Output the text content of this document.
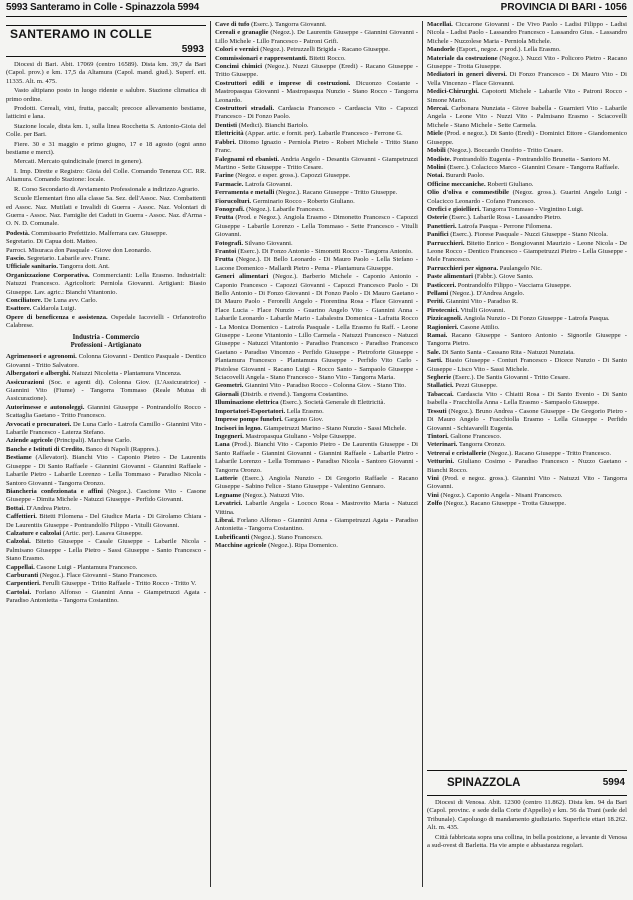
5993 Santeramo in Colle - Spinazzola 5994	PROVINCIA DI BARI - 1056
SANTERAMO IN COLLE
5993

Diocesi di Bari. Abit. 17069 (centro 16589). Dista km. 39,7 da Bari (Capol. prov.) e km. 17,5 da Altamura (Capol. mand. giud.). Superf. ett. 11335. Alt. m. 475.

Vasto altipiano posto in luogo ridente e salubre. Stazione climatica di primo ordine.

Prodotti. Cereali, vini, frutta, paccali; precoce allevamento bestiame, latticini e lana.

Stazione locale, dista km. 1, sulla linea Rocchetta S. Antonio-Gioia del Colle. per Bari.

Fiere. 30 e 31 maggio e primo giugno, 17 e 18 agosto (ogni anno bestiame e merci).

Mercati. Mercato quindicinale (merci in genere).

I. Imp. Dirette e Registro: Gioia del Colle. Comando Tenenza CC. RR. Altamura. Comando Stazione: locale.

R. Corso Secondario di Avviamento Professionale a indirizzo Agrario.

Scuole Elementari fino alla classe 5a. Sez. dell'Assoc. Naz. Combattenti ed Assoc. Naz. Mutilati e Invalidi di Guerra - Assoc. Naz. Volontari di Guerra - Assoc. Naz. Famiglie dei Caduti in Guerra - Assoc. Naz. d'Arma - O. N. D. Comunale.

Podestà. Commissario Prefettizio. Malferrara cav. Giuseppe.

Segretario. Di Capua dott. Matteo.

Parroci. Misuraca don Pasquale - Giove don Leonardo.

Fascio. Segretario. Labarile avv. Franc.

Ufficiale sanitario. Tangorra dott. Ant.

Organizzazione Corporativa. Commercianti: Lella Erasmo. Industriali: Natuzzi Francesco. Agricoltori: Perniola Giovanni. Artigiani: Biasio Giuseppe. Lav. agric.: Bianchi Vitantonio.

Conciliatore. De Luna avv. Carlo.

Esattore. Caldarola Luigi.

Opere di beneficenza e assistenza. Ospedale Iacovielli - Orfanotrofio Calabrese.

Industria - Commercio
Professioni - Artigianato

Agrimensori e agronomi. Colonna Giovanni - Dentico Pasquale - Dentico Giovanni - Tritto Salvatore.

Albergatori e alberghi. Natuzzi Nicoletta - Plantamura Vincenza.

Assicurazioni (Soc. e agenti di). Colonna Giov. (L'Assicuratrice) - Giannini Vito (Fiume) - Tangorra Tommaso (Reale Mutua di Assicurazione).

Autorimesse e autonoleggi. Giannini Giuseppe - Pontrandolfo Rocco - Scattaglia Gaetano - Tritto Francesco.

Avvocati e procuratori. De Luna Carlo - Latrofa Camillo - Giannini Vito - Labarile Francesco - Laterza Stefano.

Aziende agricole (Principali). Marchese Carlo.

Banche e Istituti di Credito. Banco di Napoli (Rappres.).

Bestiame (Allevatori). Bianchi Vito - Caponio Pietro - De Laurentis Giuseppe - Di Santo Raffaele - Giannini Giovanni - Giannini Raffaele - Labarile Pietro - Labarile Lorenzo - Lella Tommaso - Paradiso Nicola - Santoro Giovanni - Tangorra Oronzo.

Biancheria confezionata e affini (Negoz.). Cascione Vito - Casone Giuseppe - Dimita Michele - Natuzzi Giuseppe - Perfido Giovanni.

Bottai. D'Andrea Pietro.

Caffettieri. Bitetti Filomena - Del Giudice Maria - Di Girolamo Chiara - De Laurentiis Giuseppe - Pontrandolfo Filippo - Vitulli Giovanni.

Calzature e calzolai (Artic. per). Lasava Giuseppe.

Calzolai. Bitetto Giuseppe - Casale Giuseppe - Labarile Nicola - Palmisano Giuseppe - Lella Pietro - Sassi Giuseppe - Santo Francesco - Stano Erasmo.

Cappellai. Casone Luigi - Plantamura Francesco.

Carburanti (Negoz.). Flace Giovanni - Stano Francesco.

Carpentieri. Ferulli Giuseppe - Tritto Raffaele - Tritto Rocco - Tritto V.

Cartolai. Forlano Alfonso - Giannini Anna - Giampetruzzi Agata - Paradiso Antonietta - Tangorra Costantino.

Cave di tufo (Eserc.). Tangorra Giovanni.

Cereali e granaglie (Negoz.). De Laurentis Giuseppe - Giannini Giovanni - Lillo Michele - Lillo Francesco - Patroni Grifi.

Colori e vernici (Negoz.). Petruzzelli Brigida - Racano Giuseppe.

Commissionari e rappresentanti. Bitetti Rocco.

Concimi chimici (Negoz.). Nuzzi Giuseppe (Eredi) - Racano Giuseppe - Tritto Giuseppe.

Costruttori edili e imprese di costruzioni. Dicuonzo Costante - Mastropasqua Giovanni - Mastropasqua Nunzio - Stano Rocco - Tangorra Leonardo.

Costruttori stradali. Cardascia Francesco - Cardascia Vito - Capozzi Francesco - Di Fonzo Paolo.

Dentisti (Medici). Bianchi Bartolo.

Elettricità (Appar. artic. e fornit. per). Labarile Francesco - Ferrone G.

Fabbri. Ditomo Ignazio - Perniola Pietro - Robert Michele - Tritto Stano Franc.

Falegnami ed ebanisti. Andria Angelo - Desantis Giovanni - Giampetruzzi Martino - Sette Giuseppe - Tritto Cesare.

Farine (Negoz. e esper. gross.). Capozzi Giuseppe.

Farmacie. Latrofa Giovanni.

Ferramenta e metalli (Negoz.). Racano Giuseppe - Tritto Giuseppe.

Fiorucolturi. Germinario Rocco - Roberto Giuliano.

Fonografi. (Negoz.). Labarile Francesco.

Frutta (Prod. e Negoz.). Angiola Erasmo - Dimonetto Francesco - Capozzi Giuseppe - Labarile Lorenzo - Lella Tommaso - Sette Francesco - Vitulli Giovanni.

Fotografi. Silvano Giovanni.

Frantoi (Eserc.). Di Fonzo Antonio - Simonetti Rocco - Tangorra Antonio.

Frutta (Negoz.). Di Bello Leonardo - Di Mauro Paolo - Lella Stefano - Lacone Domenico - Mallardi Pietro - Pema - Plantamura Giuseppe.

Generi alimentari (Negoz.). Barberio Michele - Caponio Antonio - Caponio Francesco - Capozzi Giovanni - Capozzi Francesco Paolo - Di Bello Antonio - Di Fonzo Giovanni - Di Fonzo Paolo - Di Mauro Gaetano - Di Mauro Paolo - Ferorelli Angelo - Fiorentina Rosa - Flace Giovanni - Flace Lucia - Flace Nunzio - Guarino Angelo Vito - Giannini Anna - Labarile Leonardo - Labarile Mario - Labalestra Domenica - Lafratta Rocco - La Monica Domenico - Latrofa Pasquale - Lella Erasmo fu Raff. - Leone Giuseppe - Leone Vitantonio - Lillo Carmela - Natuzzi Francesco - Natuzzi Giuseppe - Natuzzi Vitantonio - Paradiso Francesco - Paradiso Francesco Gaetano - Paradiso Vincenzo - Perfido Giuseppe - Pietroforte Giuseppe - Plantamura Francesco - Plantamura Giuseppe - Perfido Vito Carlo - Pistolese Giovanni - Racano Luigi - Rocco Santo - Sampaolo Giuseppe - Sciacovelli Angela - Stano Francesco - Stano Vito - Tangorra Maria.

Geometri. Giannini Vito - Paradiso Rocco - Colonna Giov. - Stano Tito.

Giornali (Distrib. e rivend.). Tangorra Costantino.

Illuminazione elettrica (Eserc.). Società Generale di Elettricità.

Importatori-Esportatori. Lella Erasmo.

Imprese pompe funebri. Gargano Giov.

Incisori in legno. Giampetruzzi Marino - Stano Nunzio - Sassi Michele.

Ingegneri. Mastropasqua Giuliano - Volpe Giuseppe.

Lana (Prod.). Bianchi Vito - Caponio Pietro - De Laurentis Giuseppe - Di Santo Raffaele - Giannini Giovanni - Giannini Raffaele - Labarile Pietro - Labarile Lorenzo - Lella Tommaso - Paradiso Nicola - Santoro Giovanni - Tangorra Oronzo.

Latterie (Eserc.). Angiola Nunzio - Di Gregorio Raffaele - Racano Giuseppe - Sabino Felice - Stano Giuseppe - Valentino Gennaro.

Legname (Negoz.). Natuzzi Vito.

Levatrici. Labarile Angela - Lococo Rosa - Mastrovito Maria - Natuzzi Vittina.

Librai. Forlano Alfonso - Giannini Anna - Giampetruzzi Agata - Paradiso Antonietta - Tangorra Costantino.

Lubrificanti (Negoz.). Stano Francesco.

Macchine agricole (Negoz.). Ripa Domenico.

Macellai. Ciccarone Giovanni - De Vivo Paolo - Ladisi Filippo - Ladisi Nicola - Ladisi Paolo - Lassandro Francesco - Lassandro Gius. - Lassandro Michele - Nuzzolese Maria - Perniola Michele.

Mandorle (Esport., negoz. e prod.). Lella Erasmo.

Materiale da costruzione (Negoz.). Nuzzi Vito - Policoro Pietro - Racano Giuseppe - Trotta Giuseppe.

Mediatori in generi diversi. Di Fonzo Francesco - Di Mauro Vito - Di Vella Vincenzo - Flace Giovanni.

Medici-Chirurghi. Capotorti Michele - Labarile Vito - Patroni Rocco - Simone Mario.

Mercai. Carbonara Nunziata - Giove Isabella - Guarnieri Vito - Labarile Angela - Leone Vito - Nuzzi Vito - Palmisano Erasmo - Sciacovelli Michele - Stano Michele - Sette Carmela.

Miele (Prod. e negoz.). Di Santo (Eredi) - Dominici Ettore - Giandomenico Giuseppe.

Mobili (Negoz.). Boccardo Onofrio - Tritto Cesare.

Modiste. Pontrandolfo Eugenia - Pontrandolfo Brunetta - Santoro M.

Molini (Eserc.). Colacicco Marco - Giannini Cesare - Tangorra Raffaele.

Notai. Burardi Paolo.

Officine meccaniche. Roberti Giuliano.

Olio d'oliva e commestibile (Negoz. gross.). Guarini Angelo Luigi - Colacicco Leonardo - Cofano Francesco.

Orefici e gioiellieri. Tangorra Tommaso - Virgintino Luigi.

Osterie (Eserc.). Labarile Rosa - Lassandro Pietro.

Panettieri. Latrofa Pasqua - Perrone Filomena.

Panifici (Eserc.). Fiorese Pasquale - Nuzzi Giuseppe - Stano Nicola.

Parrucchieri. Bitetto Enrico - Bongiovanni Maurizio - Leone Nicola - De Leone Rocco - Dentico Francesco - Giampetruzzi Pietro - Lella Giuseppe - Mele Francesco.

Parrucchieri per signora. Paulangelo Nic.

Paste alimentari (Fabbr.). Giove Santo.

Pasticceri. Pontrandolfo Filippo - Vacciarra Giuseppe.

Pellami (Negoz.). D'Andrea Angelo.

Periti. Giannini Vito - Paradiso R.

Pirotecnici. Vitulli Giovanni.

Pizzicagnoli. Angiola Nunzio - Di Fonzo Giuseppe - Latrofa Pasqua.

Ragionieri. Casone Attilio.

Ramai. Racano Giuseppe - Santoro Antonio - Signorile Giuseppe - Tangorra Pietro.

Sale. Di Santo Santa - Cassano Rita - Natuzzi Nunziata.

Sarti. Biasio Giuseppe - Conturi Francesco - Dicece Nunzio - Di Santo Giuseppe - Lisco Vito - Sassi Michele.

Segherie (Eserc.). De Santis Giovanni - Tritto Cesare.

Stallatici. Pezzi Giuseppe.

Tabaccai. Cardascia Vito - Chiatti Rosa - Di Santo Evenio - Di Santo Isabella - Fracchiolla Anna - Lella Erasmo - Sampaolo Giuseppe.

Tessuti (Negoz.). Bruno Andrea - Casone Giuseppe - De Gregorio Pietro - Di Mauro Angelo - Fracchiolla Erasmo - Lella Giuseppe - Perfido Giovanni - Schiavarelli Eugenia.

Tintori. Galione Francesco.

Veterinari. Tangorra Oronzo.

Vetrerai e cristallerie (Negoz.). Racano Giuseppe - Tritto Francesco.

Vetturini. Giuliano Cosimo - Paradiso Francesco - Nuzzo Gaetano - Bianchi Rocco.

Vini (Prod. e negoz. gross.). Giannini Vito - Natuzzi Vito - Tangorra Giovanni.

Vini (Negoz.). Caponio Angela - Nisani Francesco.

Zolfo (Negoz.). Racano Giuseppe - Trotta Giuseppe.

SPINAZZOLA	5994

Diocesi di Venosa. Abit. 12300 (centro 11.862). Dista km. 94 da Bari (Capol. provinc. e sede della Corte d'Appello) e km. 56 da Trani (sede del Tribunale). Capoluogo di mandamento giudiziario. Superficie ettari 18.262. Alt. m. 435.

Città fabbricata sopra una collina, in bella posizione, a levante di Venosa a sud-ovest di Barletta. Ha vie ampie e abbastanza regolari.
